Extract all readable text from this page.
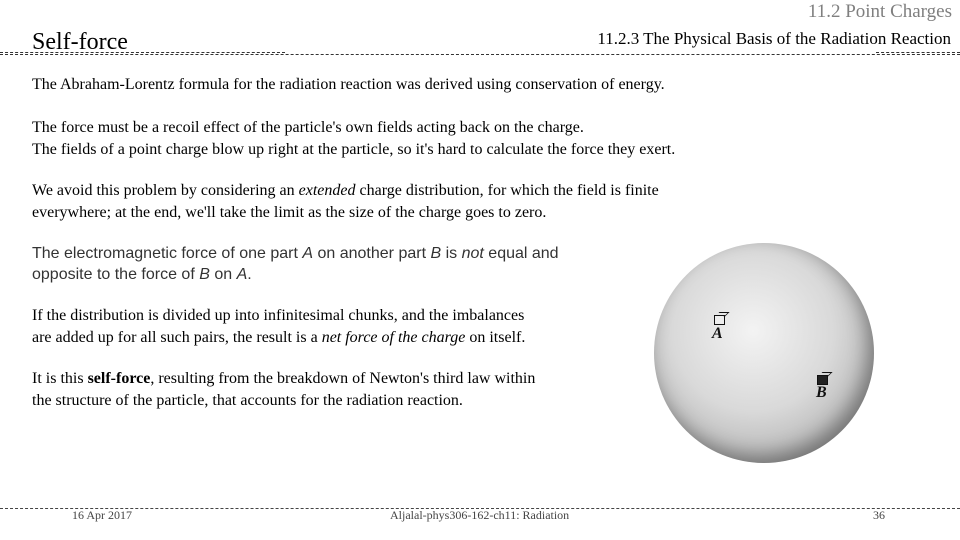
11.2 Point Charges
11.2.3 The Physical Basis of the Radiation Reaction
Self-force
The Abraham-Lorentz formula for the radiation reaction was derived using conservation of energy.
The force must be a recoil effect of the particle's own fields acting back on the charge.
The fields of a point charge blow up right at the particle, so it's hard to calculate the force they exert.
We avoid this problem by considering an extended charge distribution, for which the field is finite
everywhere; at the end, we'll take the limit as the size of the charge goes to zero.
The electromagnetic force of one part A on another part B is not equal and
opposite to the force of B on A.
If the distribution is divided up into infinitesimal chunks, and the imbalances
are added up for all such pairs, the result is a net force of the charge on itself.
It is this self-force, resulting from the breakdown of Newton's third law within
the structure of the particle, that accounts for the radiation reaction.
A
B
16 Apr 2017	Aljalal-phys306-162-ch11: Radiation	36
